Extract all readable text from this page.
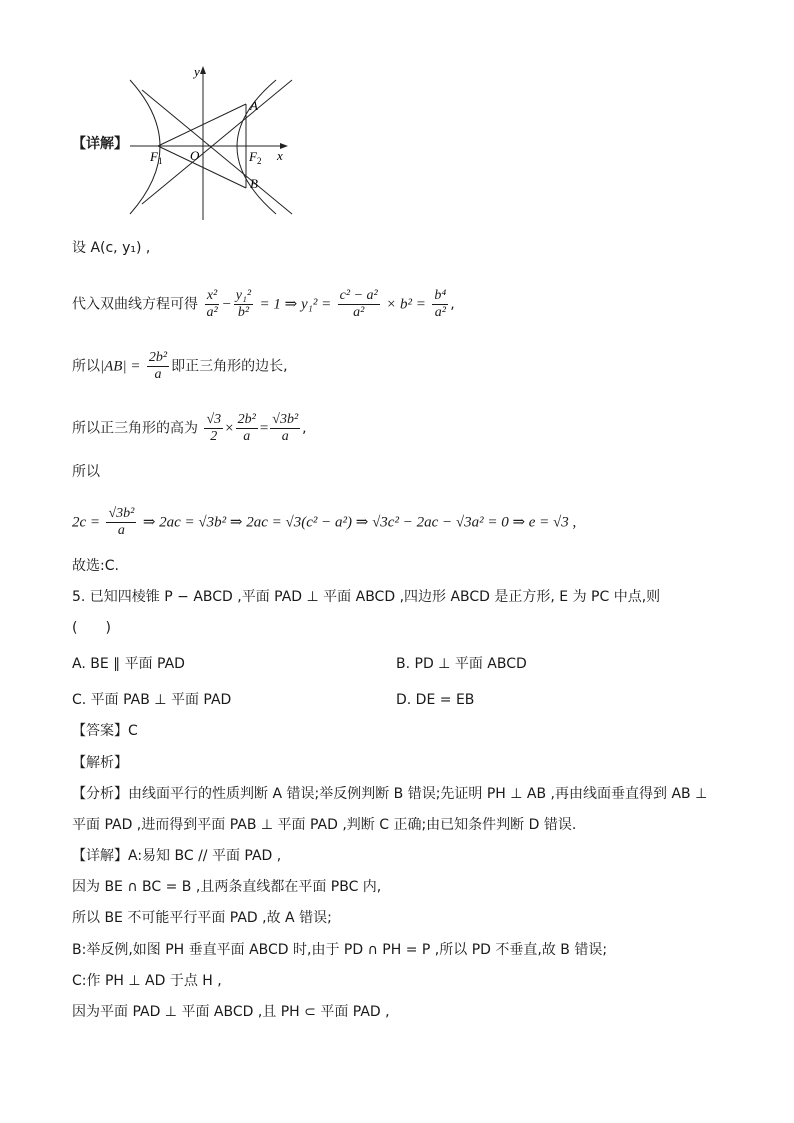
y
x
O
A
B
$F_1$	$F_2$
【详解】
设 A(c, y₁) ,
代入双曲线方程可得 $\frac{\text{x²}}{\text{a²}} - \frac{\text{y₁²}}{\text{b²}} = 1$ ⇒ $y_1^2 = \frac{\text{c² − a²}}{\text{a²}} \times b^2 = \frac{\text{b⁴}}{\text{a²}}$ ,
所以$|AB| = \frac{\text{2b²}}{a}$ 即正三角形的边长,
所以正三角形的高为 $\frac{√3}{2} \times \frac{\text{2b²}}{a} = \frac{\text{√3b²}}{a}$ ,
所以
$2c = \frac{\text{√3b²}}{a}$ ⇒ 2ac = √3b² ⇒ 2ac = √3(c² − a²) ⇒ √3c² − 2ac − √3a² = 0 ⇒ e = √3 ,
故选:C.
5. 已知四棱锥 P − ABCD ,平面 PAD ⊥ 平面 ABCD ,四边形 ABCD 是正方形, E 为 PC 中点,则
(　　)
A. BE ∥ 平面 PAD	B. PD ⊥ 平面 ABCD
C. 平面 PAB ⊥ 平面 PAD	D. DE = EB
【答案】C
【解析】
【分析】由线面平行的性质判断 A 错误;举反例判断 B 错误;先证明 PH ⊥ AB ,再由线面垂直得到 AB ⊥
平面 PAD ,进而得到平面 PAB ⊥ 平面 PAD ,判断 C 正确;由已知条件判断 D 错误.
【详解】A:易知 BC // 平面 PAD ,
因为 BE ∩ BC = B ,且两条直线都在平面 PBC 内,
所以 BE 不可能平行平面 PAD ,故 A 错误;
B:举反例,如图 PH 垂直平面 ABCD 时,由于 PD ∩ PH = P ,所以 PD 不垂直,故 B 错误;
C:作 PH ⊥ AD 于点 H ,
因为平面 PAD ⊥ 平面 ABCD ,且 PH ⊂ 平面 PAD ,
